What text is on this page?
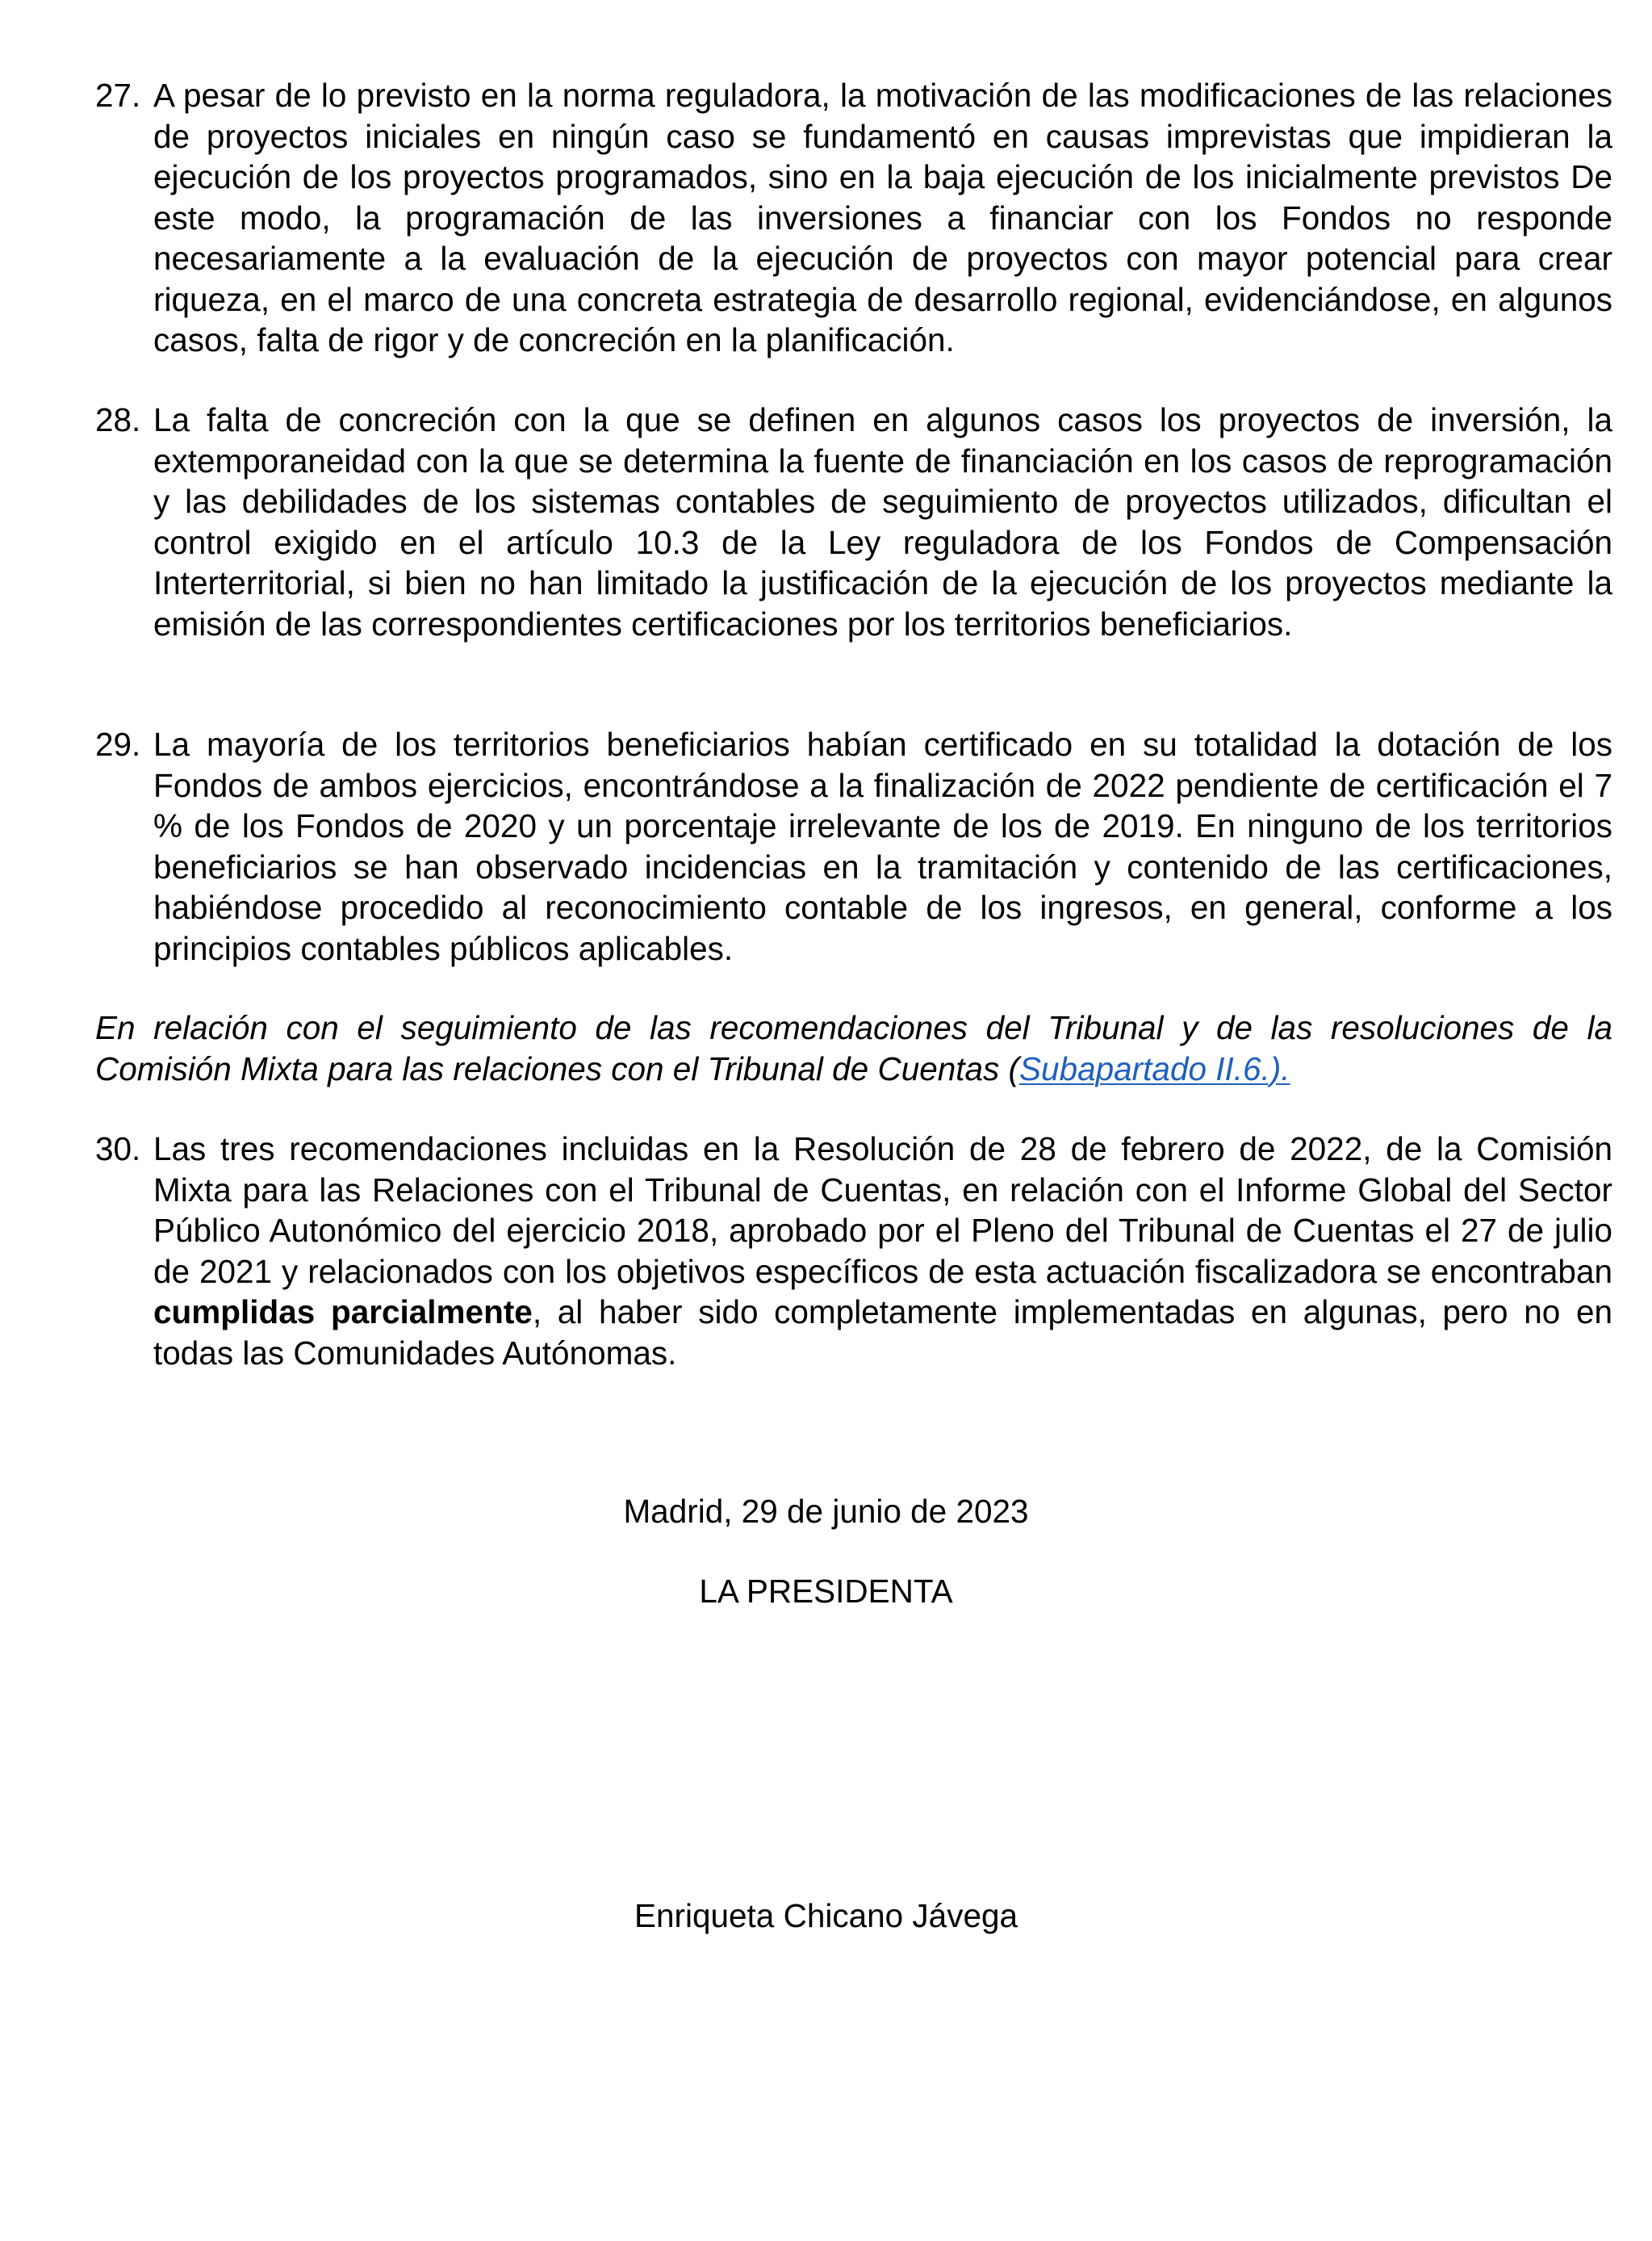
27. A pesar de lo previsto en la norma reguladora, la motivación de las modificaciones de las relaciones de proyectos iniciales en ningún caso se fundamentó en causas imprevistas que impidieran la ejecución de los proyectos programados, sino en la baja ejecución de los inicialmente previstos De este modo, la programación de las inversiones a financiar con los Fondos no responde necesariamente a la evaluación de la ejecución de proyectos con mayor potencial para crear riqueza, en el marco de una concreta estrategia de desarrollo regional, evidenciándose, en algunos casos, falta de rigor y de concreción en la planificación.
28. La falta de concreción con la que se definen en algunos casos los proyectos de inversión, la extemporaneidad con la que se determina la fuente de financiación en los casos de reprogramación y las debilidades de los sistemas contables de seguimiento de proyectos utilizados, dificultan el control exigido en el artículo 10.3 de la Ley reguladora de los Fondos de Compensación Interterritorial, si bien no han limitado la justificación de la ejecución de los proyectos mediante la emisión de las correspondientes certificaciones por los territorios beneficiarios.
29. La mayoría de los territorios beneficiarios habían certificado en su totalidad la dotación de los Fondos de ambos ejercicios, encontrándose a la finalización de 2022 pendiente de certificación el 7 % de los Fondos de 2020 y un porcentaje irrelevante de los de 2019. En ninguno de los territorios beneficiarios se han observado incidencias en la tramitación y contenido de las certificaciones, habiéndose procedido al reconocimiento contable de los ingresos, en general, conforme a los principios contables públicos aplicables.
En relación con el seguimiento de las recomendaciones del Tribunal y de las resoluciones de la Comisión Mixta para las relaciones con el Tribunal de Cuentas (Subapartado II.6.).
30. Las tres recomendaciones incluidas en la Resolución de 28 de febrero de 2022, de la Comisión Mixta para las Relaciones con el Tribunal de Cuentas, en relación con el Informe Global del Sector Público Autonómico del ejercicio 2018, aprobado por el Pleno del Tribunal de Cuentas el 27 de julio de 2021 y relacionados con los objetivos específicos de esta actuación fiscalizadora se encontraban cumplidas parcialmente, al haber sido completamente implementadas en algunas, pero no en todas las Comunidades Autónomas.
Madrid, 29 de junio de 2023
LA PRESIDENTA
Enriqueta Chicano Jávega
